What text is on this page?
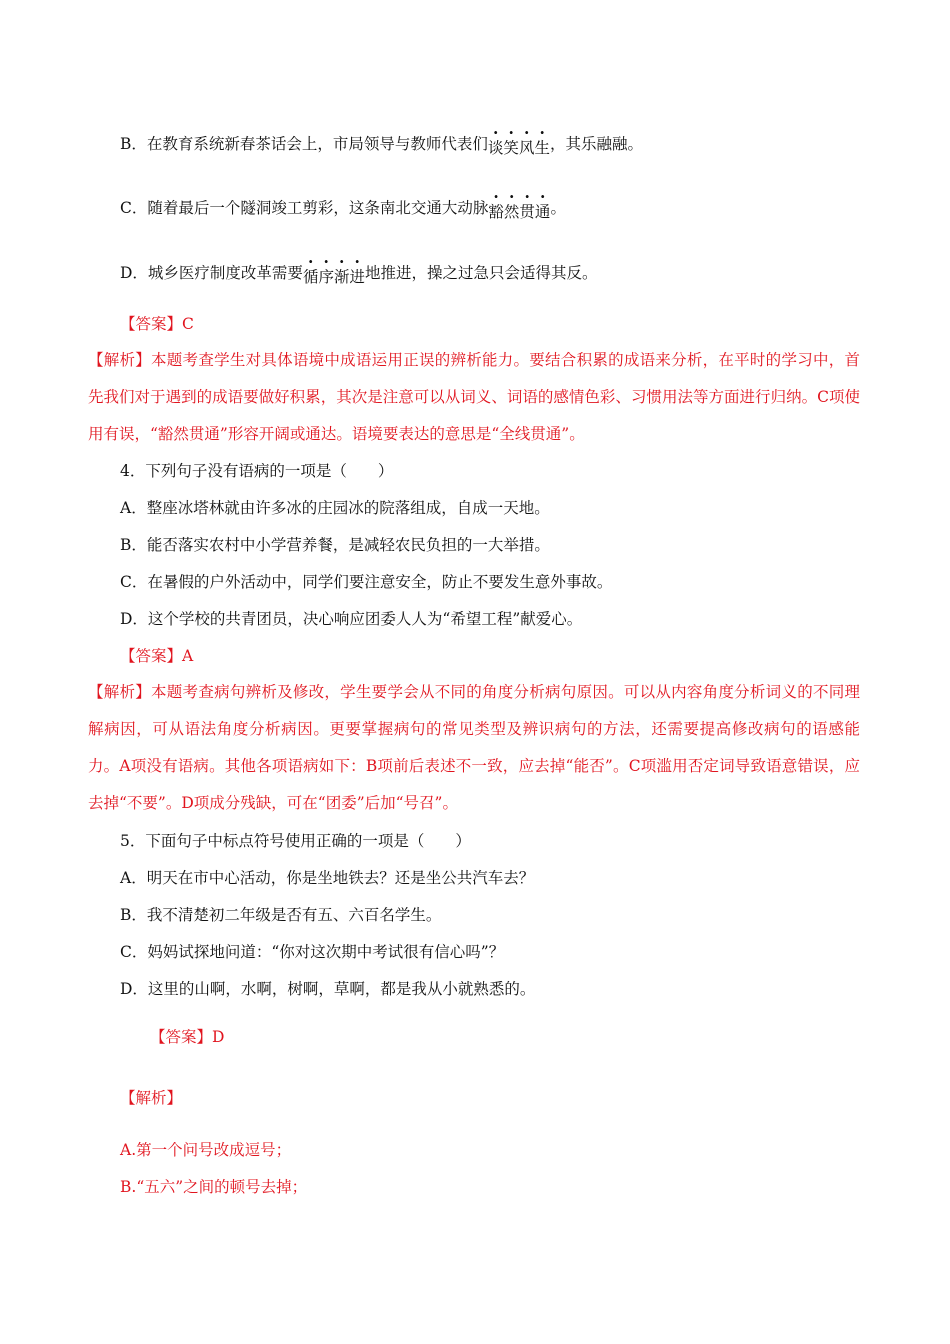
B．在教育系统新春茶话会上，市局领导与教师代表们谈笑风生，其乐融融。
C．随着最后一个隧洞竣工剪彩，这条南北交通大动脉豁然贯通。
D．城乡医疗制度改革需要循序渐进地推进，操之过急只会适得其反。
【答案】C
【解析】本题考查学生对具体语境中成语运用正误的辨析能力。要结合积累的成语来分析，在平时的学习中，首先我们对于遇到的成语要做好积累，其次是注意可以从词义、词语的感情色彩、习惯用法等方面进行归纳。C项使用有误，“豁然贯通”形容开阔或通达。语境要表达的意思是“全线贯通”。
4．下列句子没有语病的一项是（　　）
A．整座冰塔林就由许多冰的庄园冰的院落组成，自成一天地。
B．能否落实农村中小学营养餐，是减轻农民负担的一大举措。
C．在暑假的户外活动中，同学们要注意安全，防止不要发生意外事故。
D．这个学校的共青团员，决心响应团委人人为“希望工程”献爱心。
【答案】A
【解析】本题考查病句辨析及修改，学生要学会从不同的角度分析病句原因。可以从内容角度分析词义的不同理解病因，可从语法角度分析病因。更要掌握病句的常见类型及辨识病句的方法，还需要提高修改病句的语感能力。A项没有语病。其他各项语病如下：B项前后表述不一致，应去掉“能否”。C项滥用否定词导致语意错误，应去掉“不要”。D项成分残缺，可在“团委”后加“号召”。
5．下面句子中标点符号使用正确的一项是（　　）
A．明天在市中心活动，你是坐地铁去？还是坐公共汽车去？
B．我不清楚初二年级是否有五、六百名学生。
C．妈妈试探地问道：“你对这次期中考试很有信心吗”？
D．这里的山啊，水啊，树啊，草啊，都是我从小就熟悉的。
【答案】D
【解析】
A.第一个问号改成逗号；
B.“五六”之间的顿号去掉；
